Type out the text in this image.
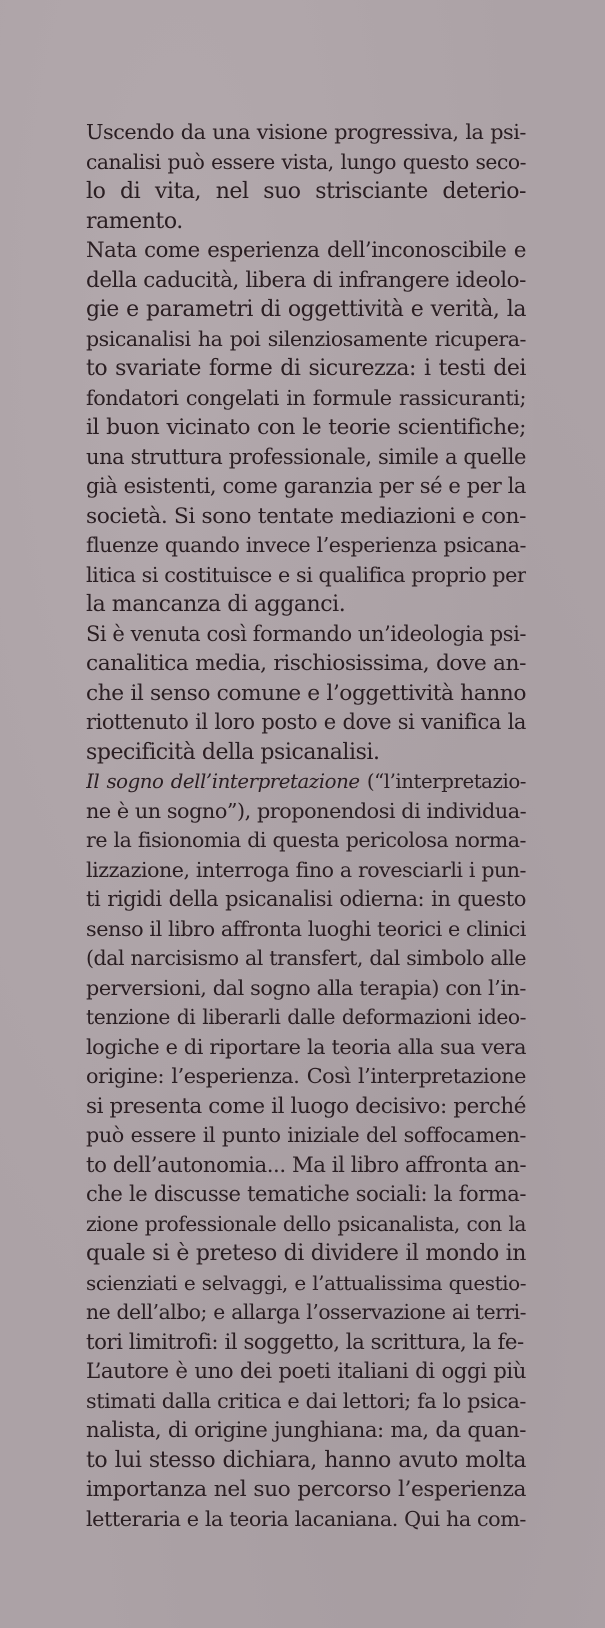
Uscendo da una visione progressiva, la psi-
canalisi può essere vista, lungo questo seco-
lo di vita, nel suo strisciante deterio-
ramento.

Nata come esperienza dell’inconoscibile e
della caducità, libera di infrangere ideolo-
gie e parametri di oggettività e verità, la
psicanalisi ha poi silenziosamente ricupera-
to svariate forme di sicurezza: i testi dei
fondatori congelati in formule rassicuranti;
il buon vicinato con le teorie scientifiche;
una struttura professionale, simile a quelle
già esistenti, come garanzia per sé e per la
società. Si sono tentate mediazioni e con-
fluenze quando invece l’esperienza psicana-
litica si costituisce e si qualifica proprio per
la mancanza di agganci.

Si è venuta così formando un’ideologia psi-
canalitica media, rischiosissima, dove an-
che il senso comune e l’oggettività hanno
riottenuto il loro posto e dove si vanifica la
specificità della psicanalisi.

Il sogno dell’interpretazione (“l’interpretazio-
ne è un sogno”), proponendosi di individua-
re la fisionomia di questa pericolosa norma-
lizzazione, interroga fino a rovesciarli i pun-
ti rigidi della psicanalisi odierna: in questo
senso il libro affronta luoghi teorici e clinici
(dal narcisismo al transfert, dal simbolo alle
perversioni, dal sogno alla terapia) con l’in-
tenzione di liberarli dalle deformazioni ideo-
logiche e di riportare la teoria alla sua vera
origine: l’esperienza. Così l’interpretazione
si presenta come il luogo decisivo: perché
può essere il punto iniziale del soffocamen-
to dell’autonomia... Ma il libro affronta an-
che le discusse tematiche sociali: la forma-
zione professionale dello psicanalista, con la
quale si è preteso di dividere il mondo in
scienziati e selvaggi, e l’attualissima questio-
ne dell’albo; e allarga l’osservazione ai terri-
tori limitrofi: il soggetto, la scrittura, la fe-

L’autore è uno dei poeti italiani di oggi più
stimati dalla critica e dai lettori; fa lo psica-
nalista, di origine junghiana: ma, da quan-
to lui stesso dichiara, hanno avuto molta
importanza nel suo percorso l’esperienza
letteraria e la teoria lacaniana. Qui ha com-
